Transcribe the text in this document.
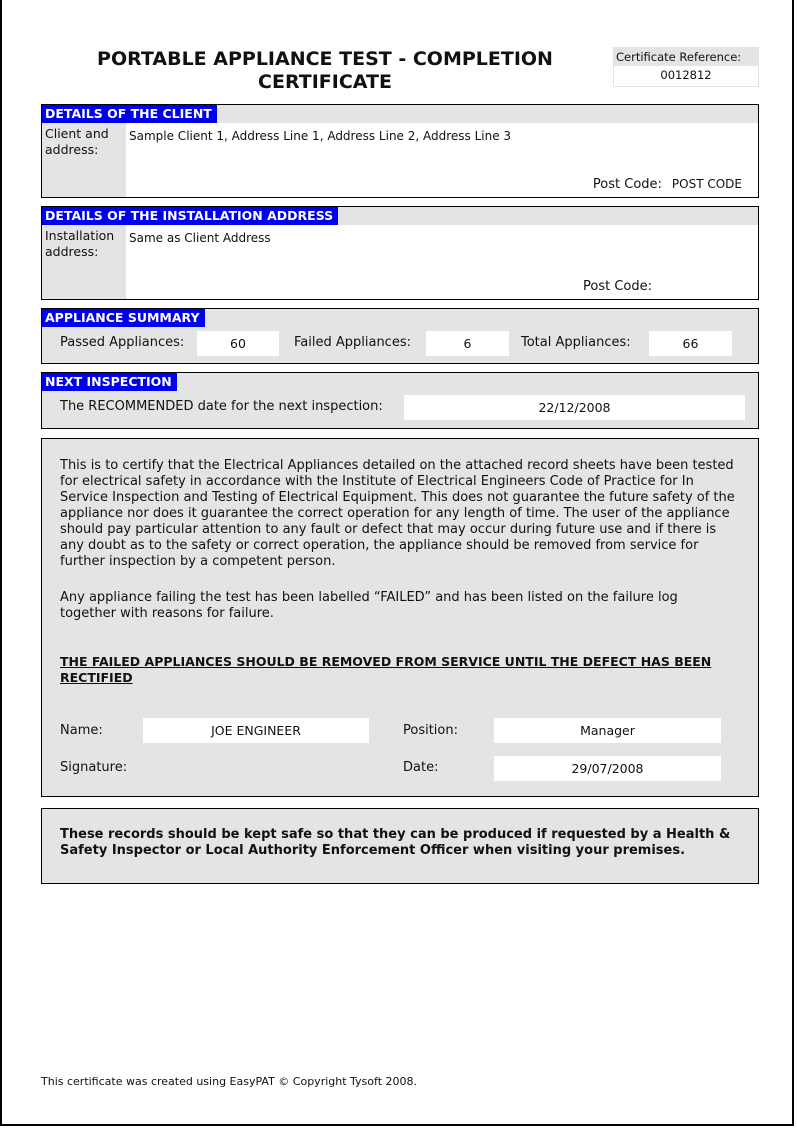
PORTABLE APPLIANCE TEST - COMPLETION CERTIFICATE
Certificate Reference:
0012812
DETAILS OF THE CLIENT
Client and address:
Sample Client 1, Address Line 1, Address Line 2, Address Line 3
Post Code: POST CODE
DETAILS OF THE INSTALLATION ADDRESS
Installation address:
Same as Client Address
Post Code:
APPLIANCE SUMMARY
Passed Appliances:	60	Failed Appliances:	6	Total Appliances:	66
NEXT INSPECTION
The RECOMMENDED date for the next inspection:	22/12/2008

This is to certify that the Electrical Appliances detailed on the attached record sheets have been tested for electrical safety in accordance with the Institute of Electrical Engineers Code of Practice for In Service Inspection and Testing of Electrical Equipment. This does not guarantee the future safety of the appliance nor does it guarantee the correct operation for any length of time. The user of the appliance should pay particular attention to any fault or defect that may occur during future use and if there is any doubt as to the safety or correct operation, the appliance should be removed from service for further inspection by a competent person.

Any appliance failing the test has been labelled “FAILED” and has been listed on the failure log together with reasons for failure.

THE FAILED APPLIANCES SHOULD BE REMOVED FROM SERVICE UNTIL THE DEFECT HAS BEEN RECTIFIED

Name:	JOE ENGINEER	Position:	Manager
Signature:	Date:	29/07/2008

These records should be kept safe so that they can be produced if requested by a Health & Safety Inspector or Local Authority Enforcement Officer when visiting your premises.

This certificate was created using EasyPAT © Copyright Tysoft 2008.
